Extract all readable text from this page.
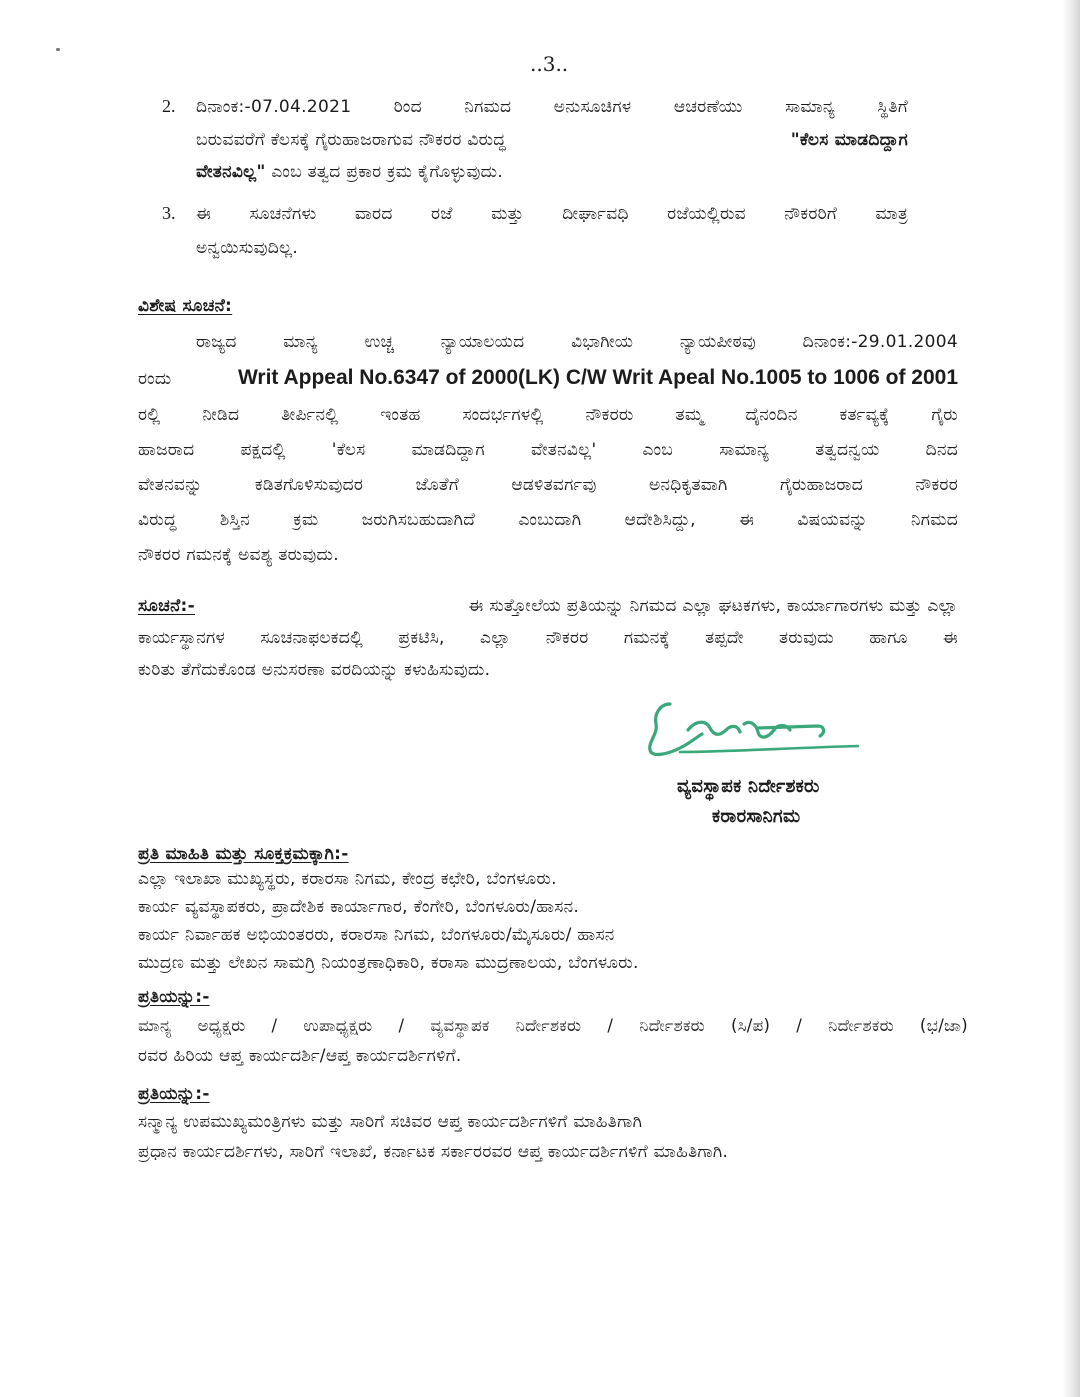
..3..
2. ದಿನಾಂಕ:-07.04.2021 ರಿಂದ ನಿಗಮದ ಅನುಸೂಚಿಗಳ ಆಚರಣೆಯು ಸಾಮಾನ್ಯ ಸ್ಥಿತಿಗೆ
ಬರುವವರೆಗೆ ಕೆಲಸಕ್ಕೆ ಗೈರುಹಾಜರಾಗುವ ನೌಕರರ ವಿರುದ್ಧ	"ಕೆಲಸ ಮಾಡದಿದ್ದಾಗ
ವೇತನವಿಲ್ಲ" ಎಂಬ ತತ್ವದ ಪ್ರಕಾರ ಕ್ರಮ ಕೈಗೊಳ್ಳುವುದು.
3. ಈ ಸೂಚನೆಗಳು ವಾರದ ರಜೆ ಮತ್ತು ದೀರ್ಘಾವಧಿ ರಜೆಯಲ್ಲಿರುವ ನೌಕರರಿಗೆ ಮಾತ್ರ
ಅನ್ವಯಿಸುವುದಿಲ್ಲ.
ವಿಶೇಷ ಸೂಚನೆ:
ರಾಜ್ಯದ ಮಾನ್ಯ ಉಚ್ಚ ನ್ಯಾಯಾಲಯದ ವಿಭಾಗೀಯ ನ್ಯಾಯಪೀಠವು ದಿನಾಂಕ:-29.01.2004
ರಂದು	Writ Appeal No.6347 of 2000(LK) C/W Writ Apeal No.1005 to 1006 of 2001
ರಲ್ಲಿ ನೀಡಿದ ತೀರ್ಪಿನಲ್ಲಿ ಇಂತಹ ಸಂದರ್ಭಗಳಲ್ಲಿ ನೌಕರರು ತಮ್ಮ ದೈನಂದಿನ ಕರ್ತವ್ಯಕ್ಕೆ ಗೈರು
ಹಾಜರಾದ ಪಕ್ಷದಲ್ಲಿ 'ಕೆಲಸ ಮಾಡದಿದ್ದಾಗ ವೇತನವಿಲ್ಲ' ಎಂಬ ಸಾಮಾನ್ಯ ತತ್ವದನ್ವಯ ದಿನದ
ವೇತನವನ್ನು ಕಡಿತಗೊಳಿಸುವುದರ ಜೊತೆಗೆ ಆಡಳಿತವರ್ಗವು ಅನಧಿಕೃತವಾಗಿ ಗೈರುಹಾಜರಾದ ನೌಕರರ
ವಿರುದ್ಧ ಶಿಸ್ತಿನ ಕ್ರಮ ಜರುಗಿಸಬಹುದಾಗಿದೆ ಎಂಬುದಾಗಿ ಆದೇಶಿಸಿದ್ದು, ಈ ವಿಷಯವನ್ನು ನಿಗಮದ
ನೌಕರರ ಗಮನಕ್ಕೆ ಅವಶ್ಯ ತರುವುದು.
ಸೂಚನೆ:-	ಈ ಸುತ್ತೋಲೆಯ ಪ್ರತಿಯನ್ನು ನಿಗಮದ ಎಲ್ಲಾ ಘಟಕಗಳು, ಕಾರ್ಯಾಗಾರಗಳು ಮತ್ತು ಎಲ್ಲಾ
ಕಾರ್ಯಸ್ಥಾನಗಳ ಸೂಚನಾಫಲಕದಲ್ಲಿ ಪ್ರಕಟಿಸಿ, ಎಲ್ಲಾ ನೌಕರರ ಗಮನಕ್ಕೆ ತಪ್ಪದೇ ತರುವುದು ಹಾಗೂ ಈ
ಕುರಿತು ತೆಗೆದುಕೊಂಡ ಅನುಸರಣಾ ವರದಿಯನ್ನು ಕಳುಹಿಸುವುದು.
ವ್ಯವಸ್ಥಾಪಕ ನಿರ್ದೇಶಕರು
ಕರಾರಸಾನಿಗಮ
ಪ್ರತಿ ಮಾಹಿತಿ ಮತ್ತು ಸೂಕ್ತಕ್ರಮಕ್ಕಾಗಿ:-
ಎಲ್ಲಾ ಇಲಾಖಾ ಮುಖ್ಯಸ್ಥರು, ಕರಾರಸಾ ನಿಗಮ, ಕೇಂದ್ರ ಕಛೇರಿ, ಬೆಂಗಳೂರು.
ಕಾರ್ಯ ವ್ಯವಸ್ಥಾಪಕರು, ಪ್ರಾದೇಶಿಕ ಕಾರ್ಯಾಗಾರ, ಕೆಂಗೇರಿ, ಬೆಂಗಳೂರು/ಹಾಸನ.
ಕಾರ್ಯ ನಿರ್ವಾಹಕ ಅಭಿಯಂತರರು, ಕರಾರಸಾ ನಿಗಮ, ಬೆಂಗಳೂರು/ಮೈಸೂರು/ ಹಾಸನ
ಮುದ್ರಣ ಮತ್ತು ಲೇಖನ ಸಾಮಗ್ರಿ ನಿಯಂತ್ರಣಾಧಿಕಾರಿ, ಕರಾಸಾ ಮುದ್ರಣಾಲಯ, ಬೆಂಗಳೂರು.
ಪ್ರತಿಯನ್ನು:-
ಮಾನ್ಯ ಅಧ್ಯಕ್ಷರು / ಉಪಾಧ್ಯಕ್ಷರು / ವ್ಯವಸ್ಥಾಪಕ ನಿರ್ದೇಶಕರು / ನಿರ್ದೇಶಕರು (ಸಿ/ಪ) / ನಿರ್ದೇಶಕರು (ಭ/ಜಾ)
ರವರ ಹಿರಿಯ ಆಪ್ತ ಕಾರ್ಯದರ್ಶಿ/ಆಪ್ತ ಕಾರ್ಯದರ್ಶಿಗಳಿಗೆ.
ಪ್ರತಿಯನ್ನು:-
ಸನ್ಮಾನ್ಯ ಉಪಮುಖ್ಯಮಂತ್ರಿಗಳು ಮತ್ತು ಸಾರಿಗೆ ಸಚಿವರ ಆಪ್ತ ಕಾರ್ಯದರ್ಶಿಗಳಿಗೆ ಮಾಹಿತಿಗಾಗಿ
ಪ್ರಧಾನ ಕಾರ್ಯದರ್ಶಿಗಳು, ಸಾರಿಗೆ ಇಲಾಖೆ, ಕರ್ನಾಟಕ ಸರ್ಕಾರರವರ ಆಪ್ತ ಕಾರ್ಯದರ್ಶಿಗಳಿಗೆ ಮಾಹಿತಿಗಾಗಿ.
